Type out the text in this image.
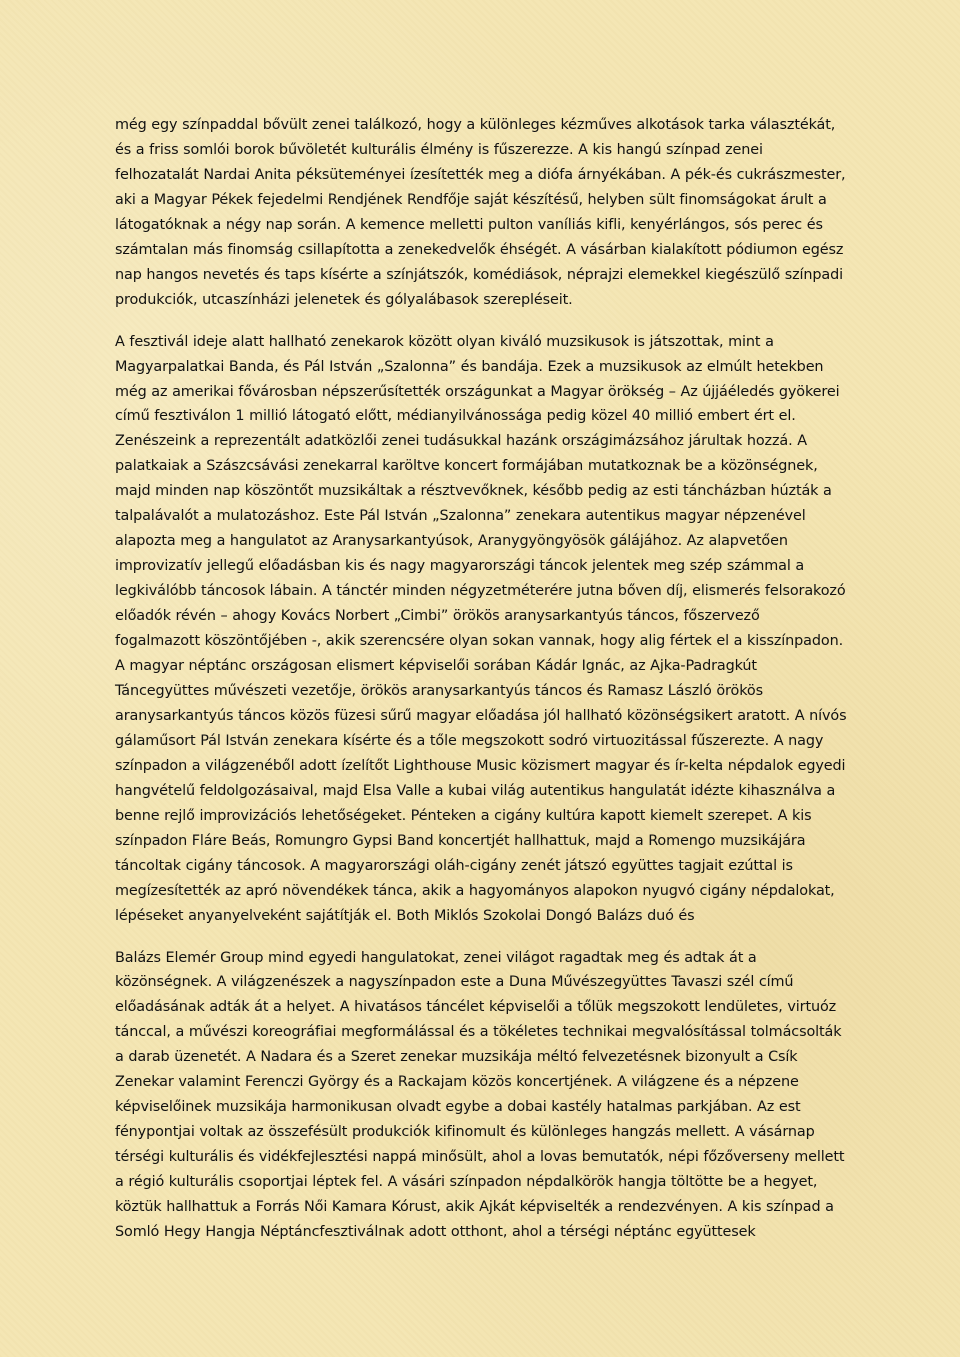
még egy színpaddal bővült zenei találkozó, hogy a különleges kézműves alkotások tarka választékát, és a friss somlói borok bűvöletét kulturális élmény is fűszerezze. A kis hangú színpad zenei felhozatalát Nardai Anita péksüteményei ízesítették meg a diófa árnyékában. A pék-és cukrászmester, aki a Magyar Pékek fejedelmi Rendjének Rendfője saját készítésű, helyben sült finomságokat árult a látogatóknak a négy nap során. A kemence melletti pulton vaníliás kifli, kenyérlángos, sós perec és számtalan más finomság csillapította a zenekedvelők éhségét. A vásárban kialakított pódiumon egész nap hangos nevetés és taps kísérte a színjátszók, komédiások, néprajzi elemekkel kiegészülő színpadi produkciók, utcaszínházi jelenetek és gólyalábasok szerepléseit.

A fesztivál ideje alatt hallható zenekarok között olyan kiváló muzsikusok is játszottak, mint a Magyarpalatkai Banda, és Pál István „Szalonna” és bandája. Ezek a muzsikusok az elmúlt hetekben még az amerikai fővárosban népszerűsítették országunkat a Magyar örökség – Az újjáéledés gyökerei című fesztiválon 1 millió látogató előtt, médianyilvánossága pedig közel 40 millió embert ért el. Zenészeink a reprezentált adatközlői zenei tudásukkal hazánk országimázsához járultak hozzá. A palatkaiak a Szászcsávási zenekarral karöltve koncert formájában mutatkoznak be a közönségnek, majd minden nap köszöntőt muzsikáltak a résztvevőknek, később pedig az esti táncházban húzták a talpalávalót a mulatozáshoz. Este Pál István „Szalonna” zenekara autentikus magyar népzenével alapozta meg a hangulatot az Aranysarkantyúsok, Aranygyöngyösök gálájához. Az alapvetően improvizatív jellegű előadásban kis és nagy magyarországi táncok jelentek meg szép számmal a legkiválóbb táncosok lábain. A tánctér minden négyzetméterére jutna bőven díj, elismerés felsorakozó előadók révén – ahogy Kovács Norbert „Cimbi” örökös aranysarkantyús táncos, főszervező fogalmazott köszöntőjében -, akik szerencsére olyan sokan vannak, hogy alig fértek el a kisszínpadon. A magyar néptánc országosan elismert képviselői sorában Kádár Ignác, az Ajka-Padragkút Táncegyüttes művészeti vezetője, örökös aranysarkantyús táncos és Ramasz László örökös aranysarkantyús táncos közös füzesi sűrű magyar előadása jól hallható közönségsikert aratott. A nívós gálaműsort Pál István zenekara kísérte és a tőle megszokott sodró virtuozitással fűszerezte. A nagy színpadon a világzenéből adott ízelítőt Lighthouse Music közismert magyar és ír-kelta népdalok egyedi hangvételű feldolgozásaival, majd Elsa Valle a kubai világ autentikus hangulatát idézte kihasználva a benne rejlő improvizációs lehetőségeket. Pénteken a cigány kultúra kapott kiemelt szerepet. A kis színpadon Fláre Beás, Romungro Gypsi Band koncertjét hallhattuk, majd a Romengo muzsikájára táncoltak cigány táncosok. A magyarországi oláh-cigány zenét játszó együttes tagjait ezúttal is megízesítették az apró növendékek tánca, akik a hagyományos alapokon nyugvó cigány népdalokat, lépéseket anyanyelveként sajátítják el. Both Miklós Szokolai Dongó Balázs duó és

Balázs Elemér Group mind egyedi hangulatokat, zenei világot ragadtak meg és adtak át a közönségnek. A világzenészek a nagyszínpadon este a Duna Művészegyüttes Tavaszi szél című előadásának adták át a helyet. A hivatásos táncélet képviselői a tőlük megszokott lendületes, virtuóz tánccal, a művészi koreográfiai megformálással és a tökéletes technikai megvalósítással tolmácsolták a darab üzenetét. A Nadara és a Szeret zenekar muzsikája méltó felvezetésnek bizonyult a Csík Zenekar valamint Ferenczi György és a Rackajam közös koncertjének. A világzene és a népzene képviselőinek muzsikája harmonikusan olvadt egybe a dobai kastély hatalmas parkjában. Az est fénypontjai voltak az összefésült produkciók kifinomult és különleges hangzás mellett. A vásárnap térségi kulturális és vidékfejlesztési nappá minősült, ahol a lovas bemutatók, népi főzőverseny mellett a régió kulturális csoportjai léptek fel. A vásári színpadon népdalkörök hangja töltötte be a hegyet, köztük hallhattuk a Forrás Női Kamara Kórust, akik Ajkát képviselték a rendezvényen. A kis színpad a Somló Hegy Hangja Néptáncfesztiválnak adott otthont, ahol a térségi néptánc együttesek
